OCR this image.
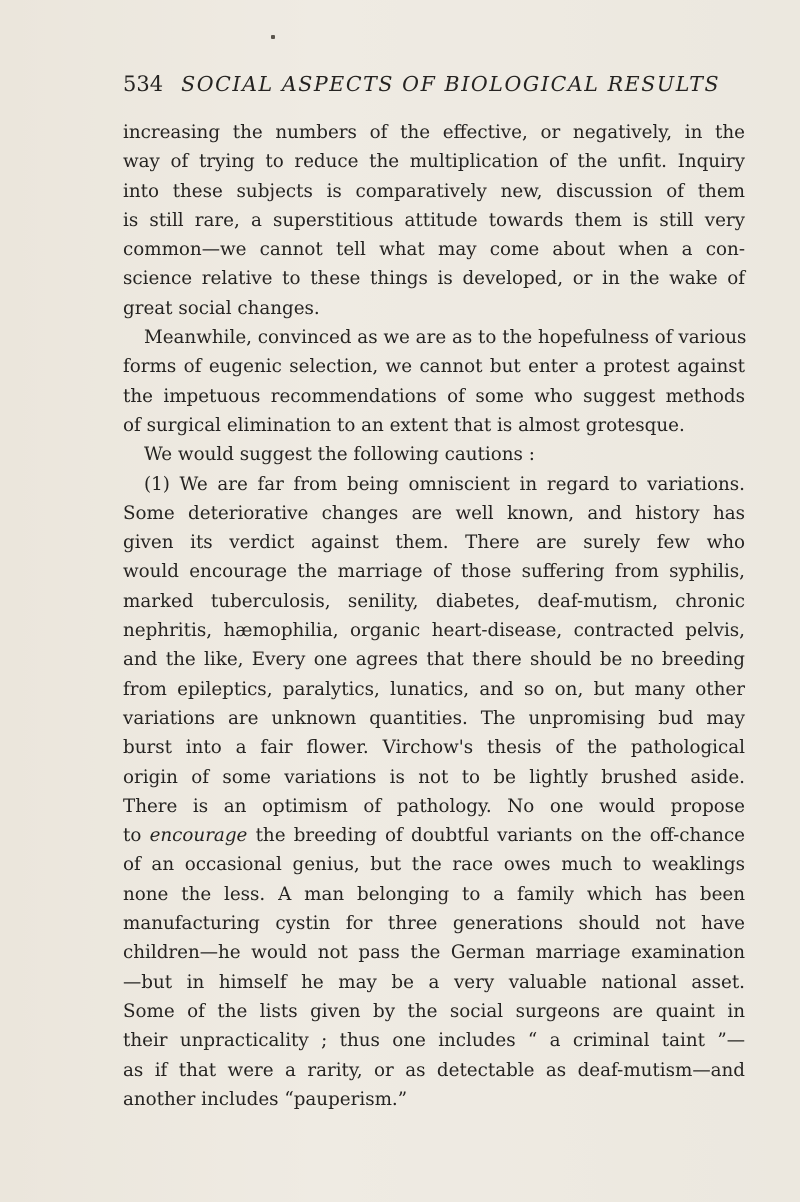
534 SOCIAL ASPECTS OF BIOLOGICAL RESULTS
increasing the numbers of the effective, or negatively, in the
way of trying to reduce the multiplication of the unfit. Inquiry
into these subjects is comparatively new, discussion of them
is still rare, a superstitious attitude towards them is still very
common—we cannot tell what may come about when a con-
science relative to these things is developed, or in the wake of
great social changes.
Meanwhile, convinced as we are as to the hopefulness of various
forms of eugenic selection, we cannot but enter a protest against
the impetuous recommendations of some who suggest methods
of surgical elimination to an extent that is almost grotesque.
We would suggest the following cautions :
(1) We are far from being omniscient in regard to variations.
Some deteriorative changes are well known, and history has
given its verdict against them. There are surely few who
would encourage the marriage of those suffering from syphilis,
marked tuberculosis, senility, diabetes, deaf-mutism, chronic
nephritis, hæmophilia, organic heart-disease, contracted pelvis,
and the like, Every one agrees that there should be no breeding
from epileptics, paralytics, lunatics, and so on, but many other
variations are unknown quantities. The unpromising bud may
burst into a fair flower. Virchow's thesis of the pathological
origin of some variations is not to be lightly brushed aside.
There is an optimism of pathology. No one would propose
to encourage the breeding of doubtful variants on the off-chance
of an occasional genius, but the race owes much to weaklings
none the less. A man belonging to a family which has been
manufacturing cystin for three generations should not have
children—he would not pass the German marriage examination
—but in himself he may be a very valuable national asset.
Some of the lists given by the social surgeons are quaint in
their unpracticality ; thus one includes “ a criminal taint ”—
as if that were a rarity, or as detectable as deaf-mutism—and
another includes “pauperism.”
